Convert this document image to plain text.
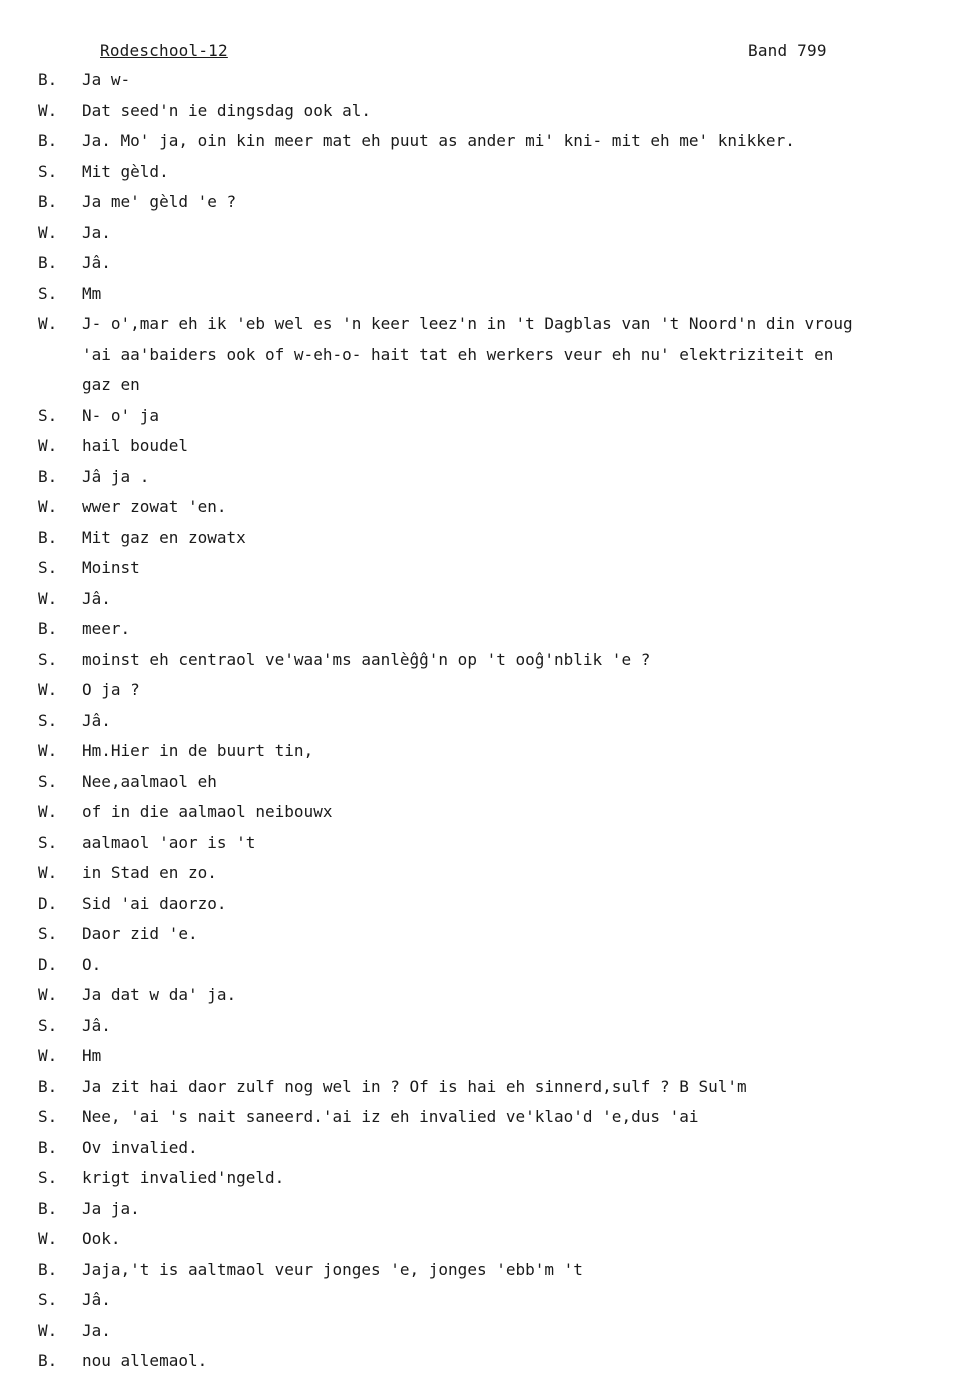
Rodeschool-12	Band 799
B.	Ja w-
W.	Dat seed'n ie dingsdag ook al.
B.	Ja. Mo' ja, oin kin meer mat eh puut as ander mi' kni- mit eh me' knikker.
S.	Mit gèld.
B.	Ja me' gèld 'e ?
W.	Ja.
B.	Jâ.
S.	Mm
W.	J- o',mar eh ik 'eb wel es 'n keer leez'n in 't Dagblas van 't Noord'n din vroug
'ai aa'baiders ook of w-eh-o- hait tat eh werkers veur eh nu' elektriziteit en
gaz en
S.	N- o' ja
W.	hail boudel
B.	Jâ ja .
W.	wwer zowat 'en.
B.	Mit gaz en zowatx
S.	Moinst
W.	Jâ.
B.	meer.
S.	moinst eh centraol ve'waa'ms aanlèĝĝ'n op 't ooĝ'nblik 'e ?
W.	O ja ?
S.	Jâ.
W.	Hm.Hier in de buurt tin,
S.	Nee,aalmaol eh
W.	of in die aalmaol neibouwx
S.	aalmaol 'aor is 't
W.	in Stad en zo.
D.	Sid 'ai daorzo.
S.	Daor zid 'e.
D.	O.
W.	Ja dat w da' ja.
S.	Jâ.
W.	Hm
B.	Ja zit hai daor zulf nog wel in ? Of is hai eh sinnerd,sulf ? B Sul'm
S.	Nee, 'ai 's nait saneerd.'ai iz eh invalied ve'klao'd 'e,dus 'ai
B.	Ov invalied.
S.	krigt invalied'ngeld.
B.	Ja ja.
W.	Ook.
B.	Jaja,'t is aaltmaol veur jonges 'e, jonges 'ebb'm 't
S.	Jâ.
W.	Ja.
B.	nou allemaol.
